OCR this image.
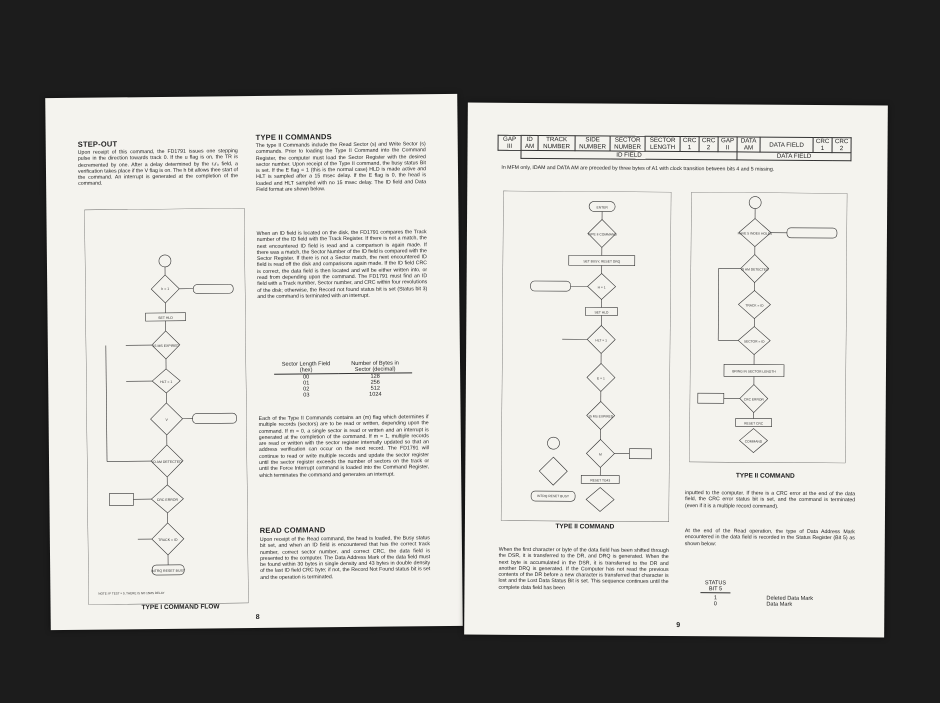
STEP-OUT
Upon receipt of this command, the FD1791 issues one stepping pulse in the direction towards track 0. If the u flag is on, the TR is decremented by one. After a delay determined by the r₁r₀ field, a verification takes place if the V flag is on. The h bit allows thee start of the command. An interrupt is generated at the completion of the command.
h = 1
SET HLD
15 MS EXPIRED
HLT = 1
V
ID AM DETECTED
CRC ERROR
TRACK = ID
INTRQ RESET BUSY
NOTE: IF TEST = 0, THERE IS NO 15MS DELAY
TYPE I COMMAND FLOW
TYPE II COMMANDS
The type II Commands include the Read Sector (s) and Write Sector (s) commands. Prior to loading the Type II Command into the Command Register, the computer must load the Sector Register with the desired sector number. Upon receipt of the Type II command, the busy status Bit is set. If the E flag = 1 (this is the normal case) HLD is made active and HLT is sampled after a 15 msec delay. If the E flag is 0, the head is loaded and HLT sampled with no 15 msec delay. The ID field and Data Field format are shown below.
When an ID field is located on the disk, the FD1791 compares the Track number of the ID field with the Track Register. If there is not a match, the next encountered ID field is read and a comparison is again made. If there was a match, the Sector Number of the ID field is compared with the Sector Register. If there is not a Sector match, the next encountered ID field is read off the disk and comparisons again made. If the ID field CRC is correct, the data field is then located and will be either written into, or read from depending upon the command. The FD1791 must find an ID field with a Track number, Sector number, and CRC within four revolutions of the disk; otherwise, the Record not found status bit is set (Status bit 3) and the command is terminated with an interrupt.
Sector Length Field (hex)	Number of Bytes in Sector (decimal)
00	128
01	256
02	512
03	1024
Each of the Type II Commands contains an (m) flag which determines if multiple records (sectors) are to be read or written, depending upon the command. If m = 0, a single sector is read or written and an interrupt is generated at the completion of the command. If m = 1, multiple records are read or written with the sector register internally updated so that an address verification can occur on the next record. The FD1791 will continue to read or write multiple records and update the sector register until the sector register exceeds the number of sectors on the track or until the Force Interrupt command is loaded into the Command Register, which terminates the command and generates an interrupt.
READ COMMAND
Upon receipt of the Read command, the head is loaded, the Busy status bit set, and when an ID field is encountered that has the correct track number, correct sector number, and correct CRC, the data field is presented to the computer. The Data Address Mark of the data field must be found within 30 bytes in single density and 43 bytes in double density of the last ID field CRC byte; if not, the Record Not Found status bit is set and the operation is terminated.
8
GAP III	ID AM	TRACK NUMBER	SIDE NUMBER	SECTOR NUMBER	SECTOR LENGTH	CRC 1	CRC 2	GAP II	DATA AM	DATA FIELD	CRC 1	CRC 2
	ID FIELD								DATA FIELD			
In MFM only, IDAM and DATA AM are preceded by three bytes of A1 with clock transition between bits 4 and 5 missing.
ENTER
TYPE II COMMAND
SET BUSY, RESET DRQ
H = 1
SET HLD
HLT = 1
E = 1
15 MS EXPIRED
M
RESET TG43
INTRQ RESET BUSY
TYPE II COMMAND
When the first character or byte of the data field has been shifted through the DSR, it is transferred to the DR, and DRQ is generated. When the next byte is accumulated in the DSR, it is transferred to the DR and another DRQ is generated. If the Computer has not read the previous contents of the DR before a new character is transferred that character is lost and the Lost Data Status Bit is set. This sequence continues until the complete data field has been
HAVE 5 INDEX HOLES
ID AM DETECTED
TRACK = ID
SECTOR = ID
BRING IN SECTOR LENGTH
CRC ERROR
RESET CRC
COMMAND
TYPE II COMMAND
inputted to the computer. If there is a CRC error at the end of the data field, the CRC error status bit is set, and the command is terminated (even if it is a multiple record command).
At the end of the Read operation, the type of Data Address Mark encountered in the data field is recorded in the Status Register (Bit 5) as shown below:
STATUS BIT 5
1	Deleted Data Mark
0	Data Mark
9
